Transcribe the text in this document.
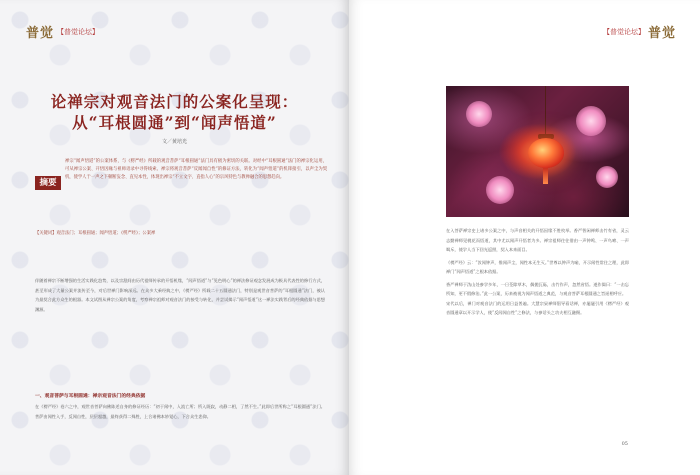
普觉 【普觉论坛】
论禅宗对观音法门的公案化呈现：
从“耳根圆通”到“闻声悟道”
文／黄培光
摘要
禅宗“闻声悟道”的公案体系，与《楞严经》所载的观音菩萨“耳根圆通”法门具有极为密切的关联。对经中“耳根圆通”法门的禅宗化运用，可从禅宗公案、开悟因缘与祖师语录中寻得线索。禅宗将观音菩萨“反闻闻自性”的修证方法，转化为“闻声悟道”的机锋接引，以声尘为契机，使学人于一声之下顿断妄念、直见本性，体现出禅宗“不立文字、直指人心”的宗风特色与教禅融合的思想趋向。
【关键词】观音法门；耳根圆通；闻声悟道；《楞严经》；公案禅
伴随着禅宗不断增强的生活实践化趋势，以及宗派间由历代祖师传承的开悟机缘，“闻声悟道”与“见色明心”的禅法修证观念发展成为极具代表性的修行方式，甚至形成了大量公案并流传至今，对后世禅门影响深远。在众多大乘经典之中，《楞严经》所载二十五圆通法门，特别是观世音菩萨的“耳根圆通”法门，被认为最契合此方众生的根器。本文试图从禅宗公案的角度，考察禅宗祖师对观音法门的接受与转化，并尝试揭示“闻声悟道”这一禅法实践背后的经典依据与思想渊源。
一、观音菩萨与耳根圆通：禅宗观音法门的经典依据
在《楞严经》卷六之中，观世音菩萨向佛陈述自身的修证经历：“初于闻中，入流亡所；所入既寂，动静二相，了然不生。”此即后世所称之“耳根圆通”法门。菩萨由闻性入手，反闻自性，层层超越，最终获得二殊胜，上合诸佛本妙觉心，下合众生悲仰。
【普觉论坛】 普觉
在入菩萨禅宗史上诸多公案之中，与声音相关的开悟因缘不胜枚举。香严智闲禅师击竹有省，灵云志勤禅师见桃花而悟道，其中尤以闻声开悟者为多。禅宗祖师往往借由一声钟鸣、一声鸟啼、一声喝斥，使学人当下回光返照，契入本来面目。
《楞严经》云：“汝闻钟声，惟闻声尘，闻性本无生灭。”世尊以钟声为喻，开示闻性常住之理，此即禅门“闻声悟道”之根本依据。
香严禅师于沩山处参学多年，一日芟除草木，偶抛瓦砾，击竹作声，忽然省悟。遂作偈曰：“一击忘所知，更不假修治。”此一公案，历来被视为闻声悟道之典范，与观音菩萨耳根圆通之旨遥相呼应。
宋代以后，禅门对观音法门的运用日益普遍。大慧宗杲禅师倡导看话禅，亦屡屡引用《楞严经》观音圆通章以开示学人，使“反闻闻自性”之修法，与参话头之功夫相互融摄。
05
